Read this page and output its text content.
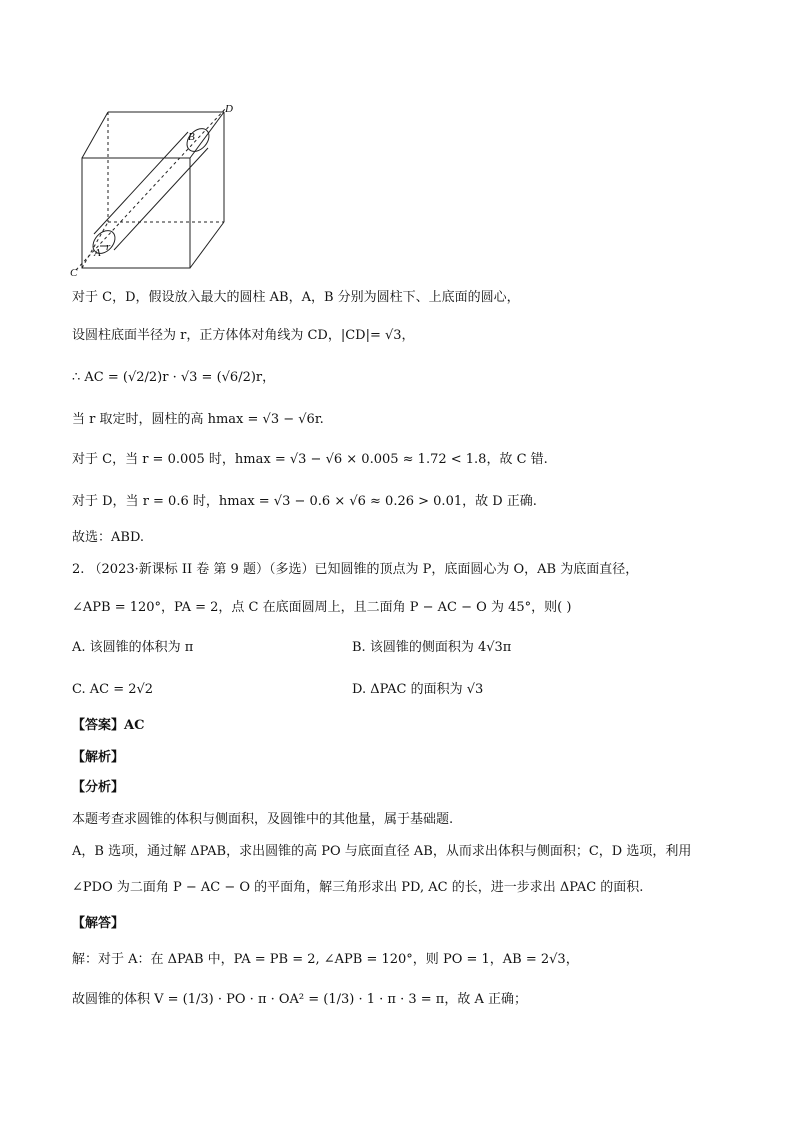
D
B
A r
C
对于 C，D，假设放入最大的圆柱 AB，A，B 分别为圆柱下、上底面的圆心，
设圆柱底面半径为 r，正方体体对角线为 CD，|CD|= √3，
∴ AC = (√2/2)r · √3 = (√6/2)r，
当 r 取定时，圆柱的高 hmax = √3 − √6r.
对于 C，当 r = 0.005 时，hmax = √3 − √6 × 0.005 ≈ 1.72 < 1.8，故 C 错.
对于 D，当 r = 0.6 时，hmax = √3 − 0.6 × √6 ≈ 0.26 > 0.01，故 D 正确.
故选：ABD.
2. （2023·新课标 II 卷 第 9 题）（多选）已知圆锥的顶点为 P，底面圆心为 O，AB 为底面直径，
∠APB = 120°，PA = 2，点 C 在底面圆周上，且二面角 P − AC − O 为 45°，则( )
A. 该圆锥的体积为 π	B. 该圆锥的侧面积为 4√3π
C. AC = 2√2	D. ΔPAC 的面积为 √3
【答案】AC
【解析】
【分析】
本题考查求圆锥的体积与侧面积，及圆锥中的其他量，属于基础题.
A，B 选项，通过解 ΔPAB，求出圆锥的高 PO 与底面直径 AB，从而求出体积与侧面积；C，D 选项，利用
∠PDO 为二面角 P − AC − O 的平面角，解三角形求出 PD, AC 的长，进一步求出 ΔPAC 的面积.
【解答】
解：对于 A：在 ΔPAB 中，PA = PB = 2, ∠APB = 120°，则 PO = 1，AB = 2√3，
故圆锥的体积 V = (1/3) · PO · π · OA² = (1/3) · 1 · π · 3 = π，故 A 正确；
